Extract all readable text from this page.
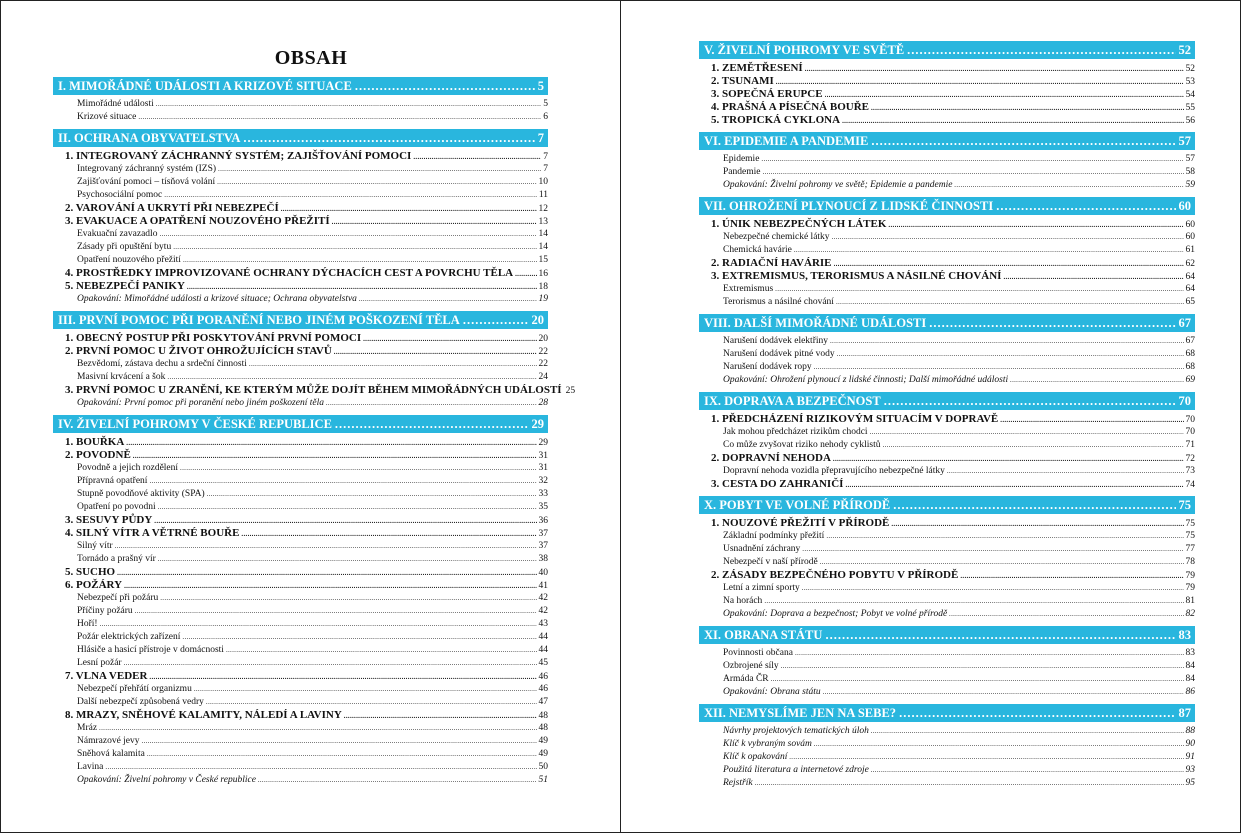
OBSAH
I. MIMOŘÁDNÉ UDÁLOSTI A KRIZOVÉ SITUACE .....	5
Mimořádné události .....	5
Krizové situace .....	6
II. OCHRANA OBYVATELSTVA .....	7
1. INTEGROVANÝ ZÁCHRANNÝ SYSTÉM; ZAJIŠŤOVÁNÍ POMOCI .....	7
Integrovaný záchranný systém (IZS) .....	7
Zajišťování pomoci – tísňová volání .....	10
Psychosociální pomoc .....	11
2. VAROVÁNÍ A UKRYTÍ PŘI NEBEZPEČÍ .....	12
3. EVAKUACE A OPATŘENÍ NOUZOVÉHO PŘEŽITÍ .....	13
Evakuační zavazadlo .....	14
Zásady při opuštění bytu .....	14
Opatření nouzového přežití .....	15
4. PROSTŘEDKY IMPROVIZOVANÉ OCHRANY DÝCHACÍCH CEST A POVRCHU TĚLA .....	16
5. NEBEZPEČÍ PANIKY .....	18
Opakování: Mimořádné události a krizové situace; Ochrana obyvatelstva .....	19
III. PRVNÍ POMOC PŘI PORANĚNÍ NEBO JINÉM POŠKOZENÍ TĚLA .....	20
1. OBECNÝ POSTUP PŘI POSKYTOVÁNÍ PRVNÍ POMOCI .....	20
2. PRVNÍ POMOC U ŽIVOT OHROŽUJÍCÍCH STAVŮ .....	22
Bezvědomí, zástava dechu a srdeční činnosti .....	22
Masivní krvácení a šok .....	24
3. PRVNÍ POMOC U ZRANĚNÍ, KE KTERÝM MŮŽE DOJÍT BĚHEM MIMOŘÁDNÝCH UDÁLOSTÍ 25
Opakování: První pomoc při poranění nebo jiném poškození těla .....	28
IV. ŽIVELNÍ POHROMY V ČESKÉ REPUBLICE .....	29
1. BOUŘKA .....	29
2. POVODNĚ .....	31
Povodně a jejich rozdělení .....	31
Přípravná opatření .....	32
Stupně povodňové aktivity (SPA) .....	33
Opatření po povodni .....	35
3. SESUVY PŮDY .....	36
4. SILNÝ VÍTR A VĚTRNÉ BOUŘE .....	37
Silný vítr .....	37
Tornádo a prašný vír .....	38
5. SUCHO .....	40
6. POŽÁRY .....	41
Nebezpečí při požáru .....	42
Příčiny požáru .....	42
Hoří! .....	43
Požár elektrických zařízení .....	44
Hlásiče a hasicí přístroje v domácnosti .....	44
Lesní požár .....	45
7. VLNA VEDER .....	46
Nebezpečí přehřátí organizmu .....	46
Další nebezpečí způsobená vedry .....	47
8. MRAZY, SNĚHOVÉ KALAMITY, NÁLEDÍ A LAVINY .....	48
Mráz .....	48
Námrazové jevy .....	49
Sněhová kalamita .....	49
Lavina .....	50
Opakování: Živelní pohromy v České republice .....	51
V. ŽIVELNÍ POHROMY VE SVĚTĚ .....	52
1. ZEMĚTŘESENÍ .....	52
2. TSUNAMI .....	53
3. SOPEČNÁ ERUPCE .....	54
4. PRAŠNÁ A PÍSEČNÁ BOUŘE .....	55
5. TROPICKÁ CYKLONA .....	56
VI. EPIDEMIE A PANDEMIE .....	57
Epidemie .....	57
Pandemie .....	58
Opakování: Živelní pohromy ve světě; Epidemie a pandemie .....	59
VII. OHROŽENÍ PLYNOUCÍ Z LIDSKÉ ČINNOSTI .....	60
1. ÚNIK NEBEZPEČNÝCH LÁTEK .....	60
Nebezpečné chemické látky .....	60
Chemická havárie .....	61
2. RADIAČNÍ HAVÁRIE .....	62
3. EXTREMISMUS, TERORISMUS A NÁSILNÉ CHOVÁNÍ .....	64
Extremismus .....	64
Terorismus a násilné chování .....	65
VIII. DALŠÍ MIMOŘÁDNÉ UDÁLOSTI .....	67
Narušení dodávek elektřiny .....	67
Narušení dodávek pitné vody .....	68
Narušení dodávek ropy .....	68
Opakování: Ohrožení plynoucí z lidské činnosti; Další mimořádné události .....	69
IX. DOPRAVA A BEZPEČNOST .....	70
1. PŘEDCHÁZENÍ RIZIKOVÝM SITUACÍM V DOPRAVĚ .....	70
Jak mohou předcházet rizikům chodci .....	70
Co může zvyšovat riziko nehody cyklistů .....	71
2. DOPRAVNÍ NEHODA .....	72
Dopravní nehoda vozidla přepravujícího nebezpečné látky .....	73
3. CESTA DO ZAHRANIČÍ .....	74
X. POBYT VE VOLNÉ PŘÍRODĚ .....	75
1. NOUZOVÉ PŘEŽITÍ V PŘÍRODĚ .....	75
Základní podmínky přežití .....	75
Usnadnění záchrany .....	77
Nebezpečí v naší přírodě .....	78
2. ZÁSADY BEZPEČNÉHO POBYTU V PŘÍRODĚ .....	79
Letní a zimní sporty .....	79
Na horách .....	81
Opakování: Doprava a bezpečnost; Pobyt ve volné přírodě .....	82
XI. OBRANA STÁTU .....	83
Povinnosti občana .....	83
Ozbrojené síly .....	84
Armáda ČR .....	84
Opakování: Obrana státu .....	86
XII. NEMYSLÍME JEN NA SEBE? .....	87
Návrhy projektových tematických úloh .....	88
Klíč k vybraným sovám .....	90
Klíč k opakování .....	91
Použitá literatura a internetové zdroje .....	93
Rejstřík .....	95
